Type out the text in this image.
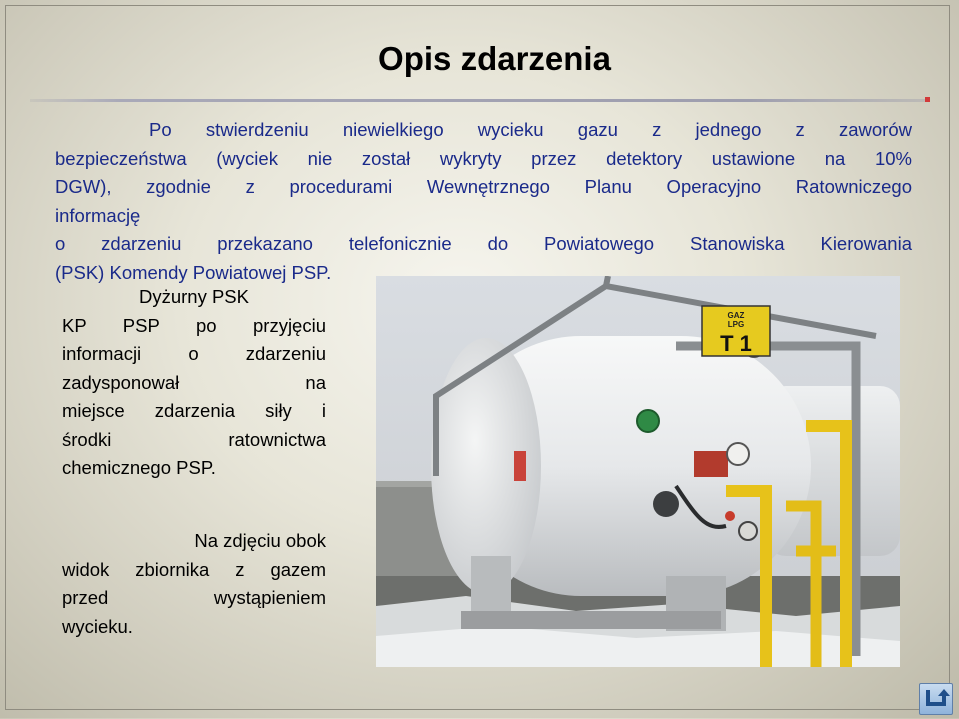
Opis zdarzenia

Po stwierdzeniu niewielkiego wycieku gazu z jednego z zaworów
bezpieczeństwa (wyciek nie został wykryty przez detektory ustawione na 10%
DGW), zgodnie z procedurami Wewnętrznego Planu Operacyjno Ratowniczego
informację
o zdarzeniu przekazano telefonicznie do Powiatowego Stanowiska Kierowania
(PSK) Komendy Powiatowej PSP.

Dyżurny PSK
KP PSP po przyjęciu
informacji o zdarzeniu
zadysponował na
miejsce zdarzenia siły i
środki ratownictwa
chemicznego PSP.

Na zdjęciu obok
widok zbiornika z gazem
przed wystąpieniem
wycieku.

GAZ
LPG
T 1
